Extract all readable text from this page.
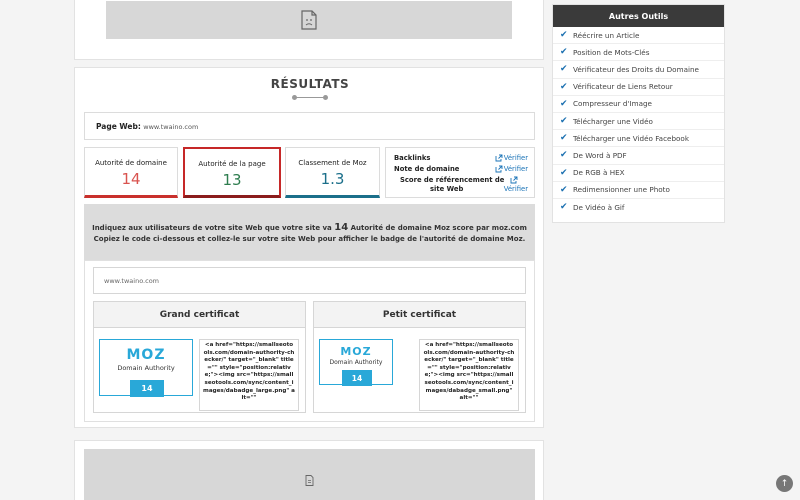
RÉSULTATS
Page Web: www.twaino.com
Autorité de domaine
14
Autorité de la page
13
Classement de Moz
1.3
Backlinks	Vérifier
Note de domaine	Vérifier
Score de référencement de
site Web	Vérifier
Indiquez aux utilisateurs de votre site Web que votre site va 14 Autorité de domaine Moz score par moz.com
Copiez le code ci-dessous et collez-le sur votre site Web pour afficher le badge de l'autorité de domaine Moz.
www.twaino.com
Grand certificat
MOZ
Domain Authority
14
<a href="https://smallseotools.com/domain-authority-checker/" target="_blank" title="" style="position:relative;"><img src="https://smallseotools.com/sync/content_images/dabadge_large.png" alt=""
Petit certificat
MOZ
Domain Authority
14
<a href="https://smallseotools.com/domain-authority-checker/" target="_blank" title="" style="position:relative;"><img src="https://smallseotools.com/sync/content_images/dabadge_small.png" alt=""
Autres Outils
✔ Réécrire un Article
✔ Position de Mots-Clés
✔ Vérificateur des Droits du Domaine
✔ Vérificateur de Liens Retour
✔ Compresseur d'Image
✔ Télécharger une Vidéo
✔ Télécharger une Vidéo Facebook
✔ De Word à PDF
✔ De RGB à HEX
✔ Redimensionner une Photo
✔ De Vidéo à Gif
↑
